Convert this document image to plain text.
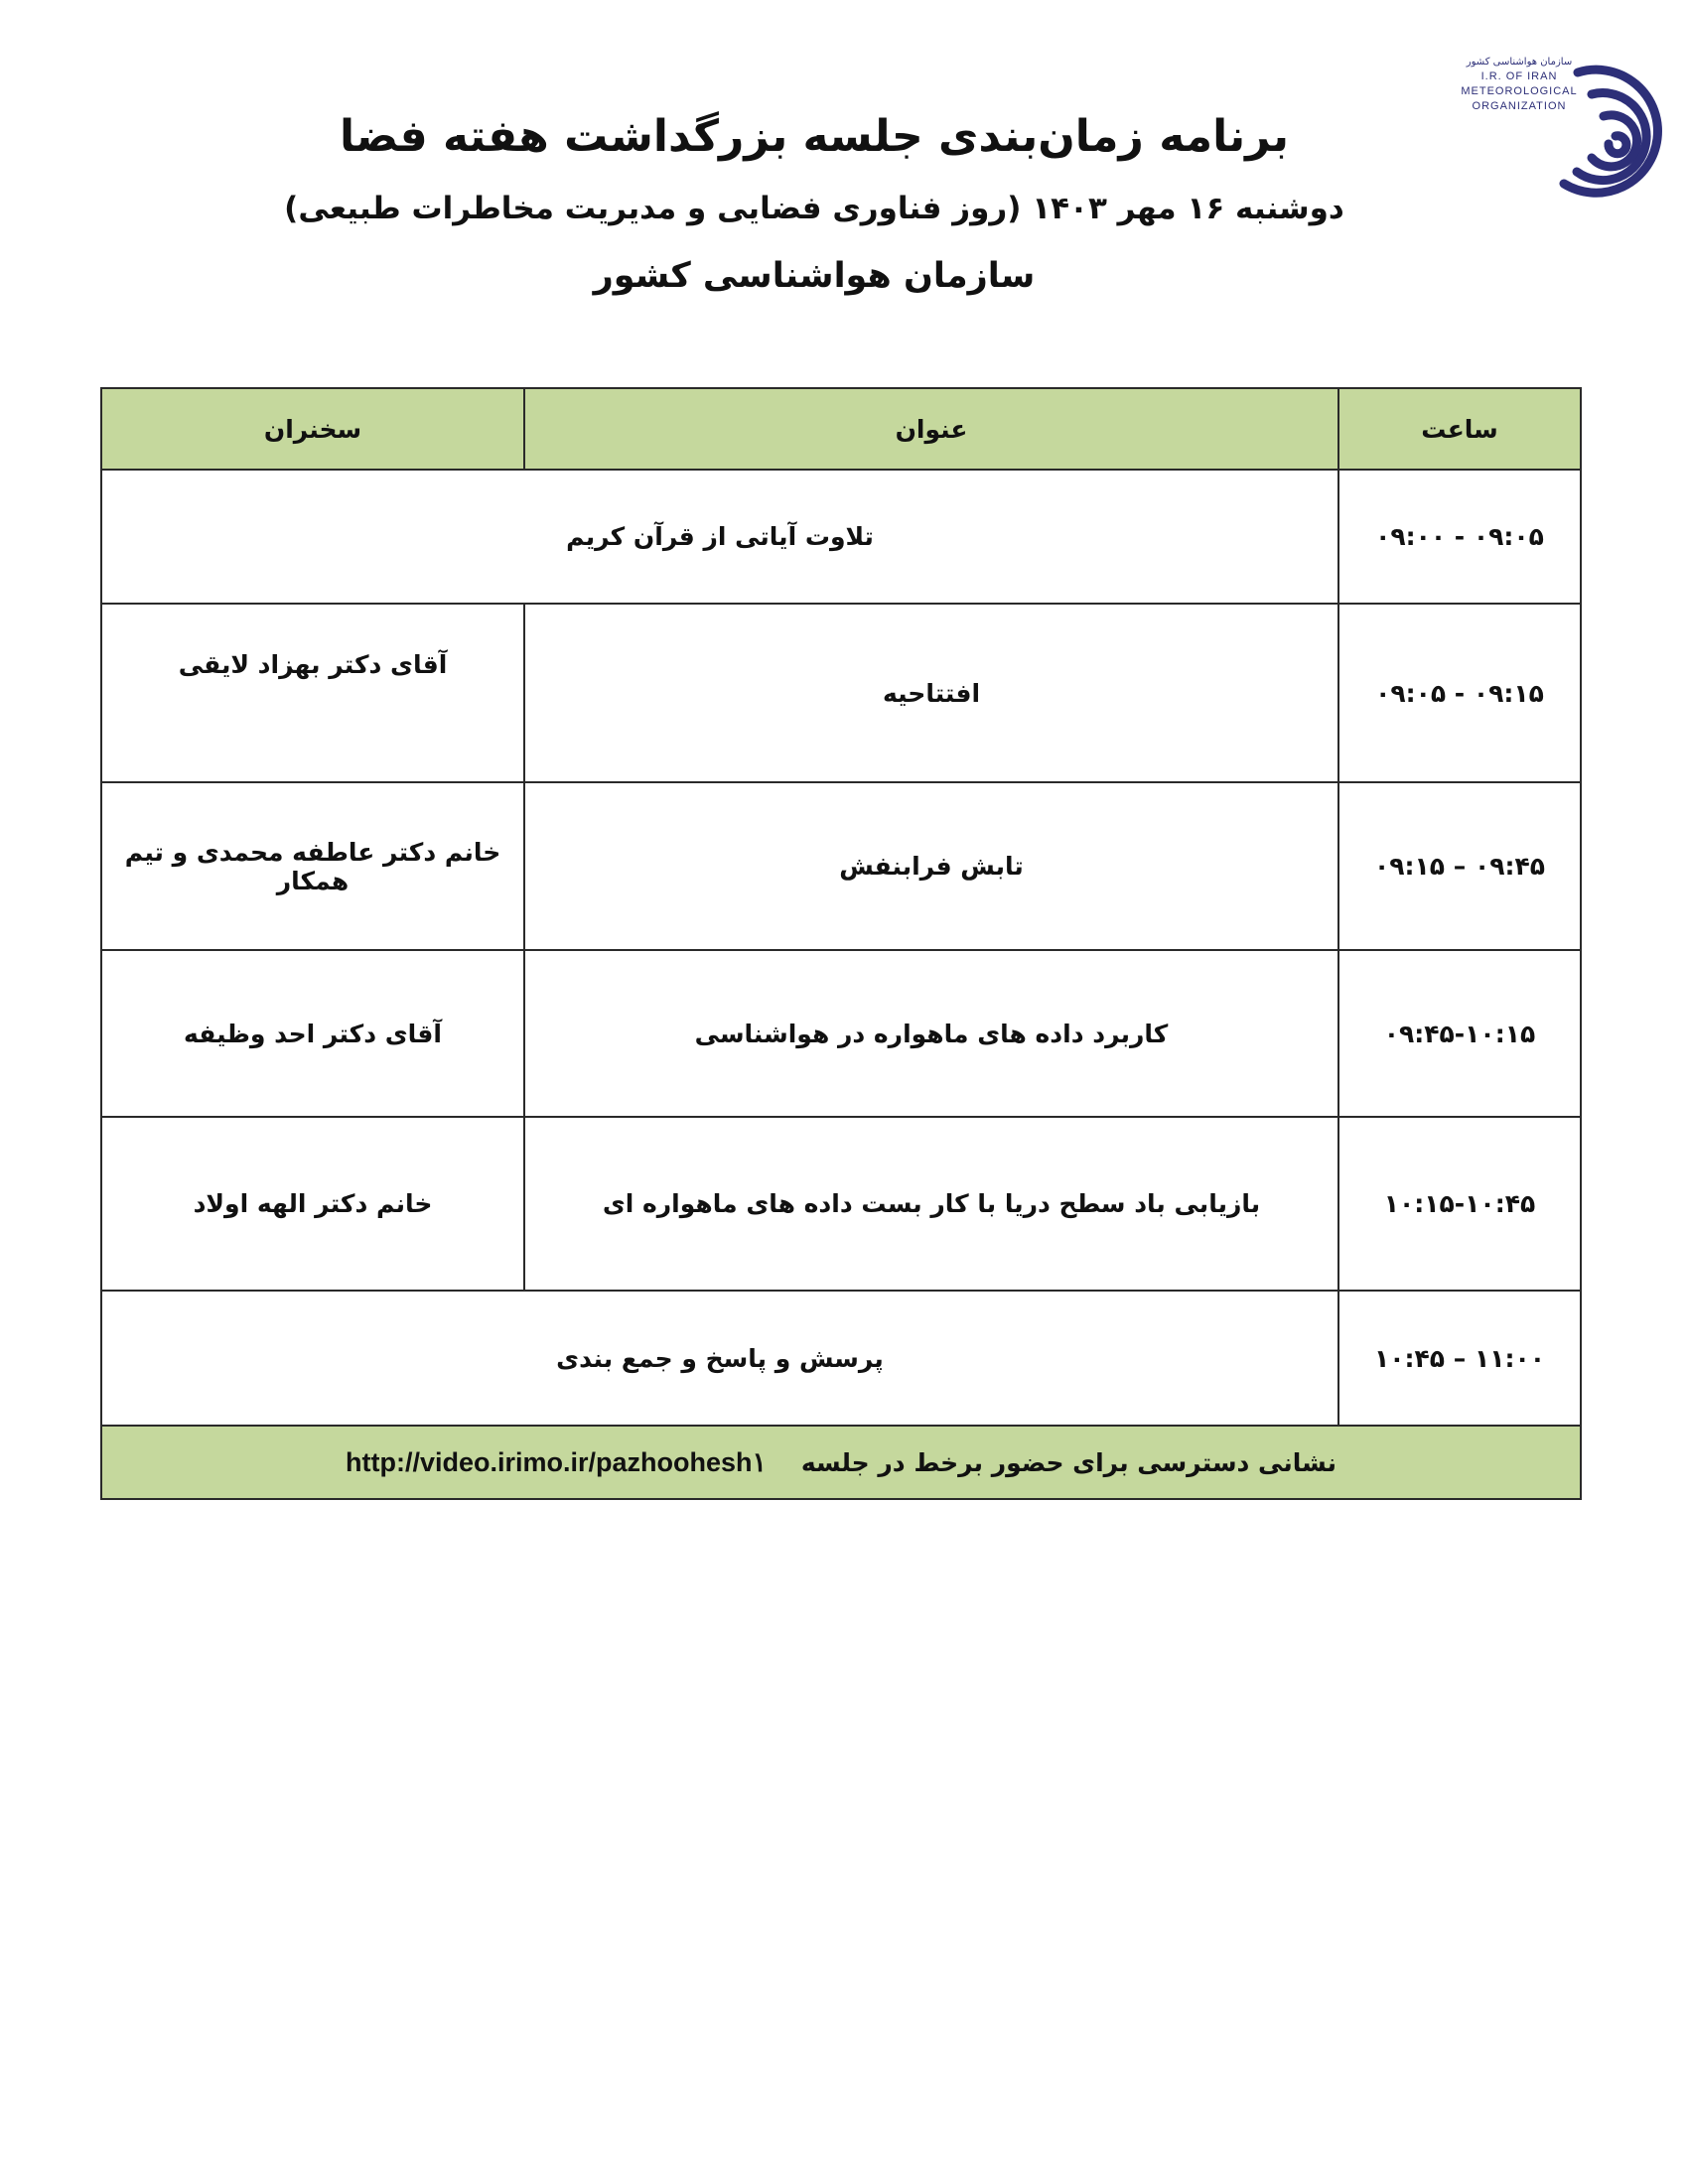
سازمان هواشناسی کشور
I.R. OF IRAN
METEOROLOGICAL
ORGANIZATION
برنامه زمان‌بندی جلسه بزرگداشت هفته فضا
دوشنبه ۱۶ مهر ۱۴۰۳ (روز فناوری فضایی و مدیریت مخاطرات طبیعی)
سازمان هواشناسی کشور
ساعت	عنوان	سخنران
۰۹:۰۰ - ۰۹:۰۵	تلاوت آیاتی از قرآن کریم	
۰۹:۰۵ - ۰۹:۱۵	افتتاحیه	آقای دکتر بهزاد لایقی
۰۹:۱۵ – ۰۹:۴۵	تابش فرابنفش	خانم دکتر عاطفه محمدی و تیم همکار
۰۹:۴۵-۱۰:۱۵	کاربرد داده های ماهواره در هواشناسی	آقای دکتر احد وظیفه
۱۰:۱۵-۱۰:۴۵	بازیابی باد سطح دریا با کار بست داده های ماهواره ای	خانم دکتر الهه اولاد
۱۰:۴۵ – ۱۱:۰۰	پرسش و پاسخ و جمع بندی	
نشانی دسترسی برای حضور برخط در جلسه    http://video.irimo.ir/pazhoohesh۱		
